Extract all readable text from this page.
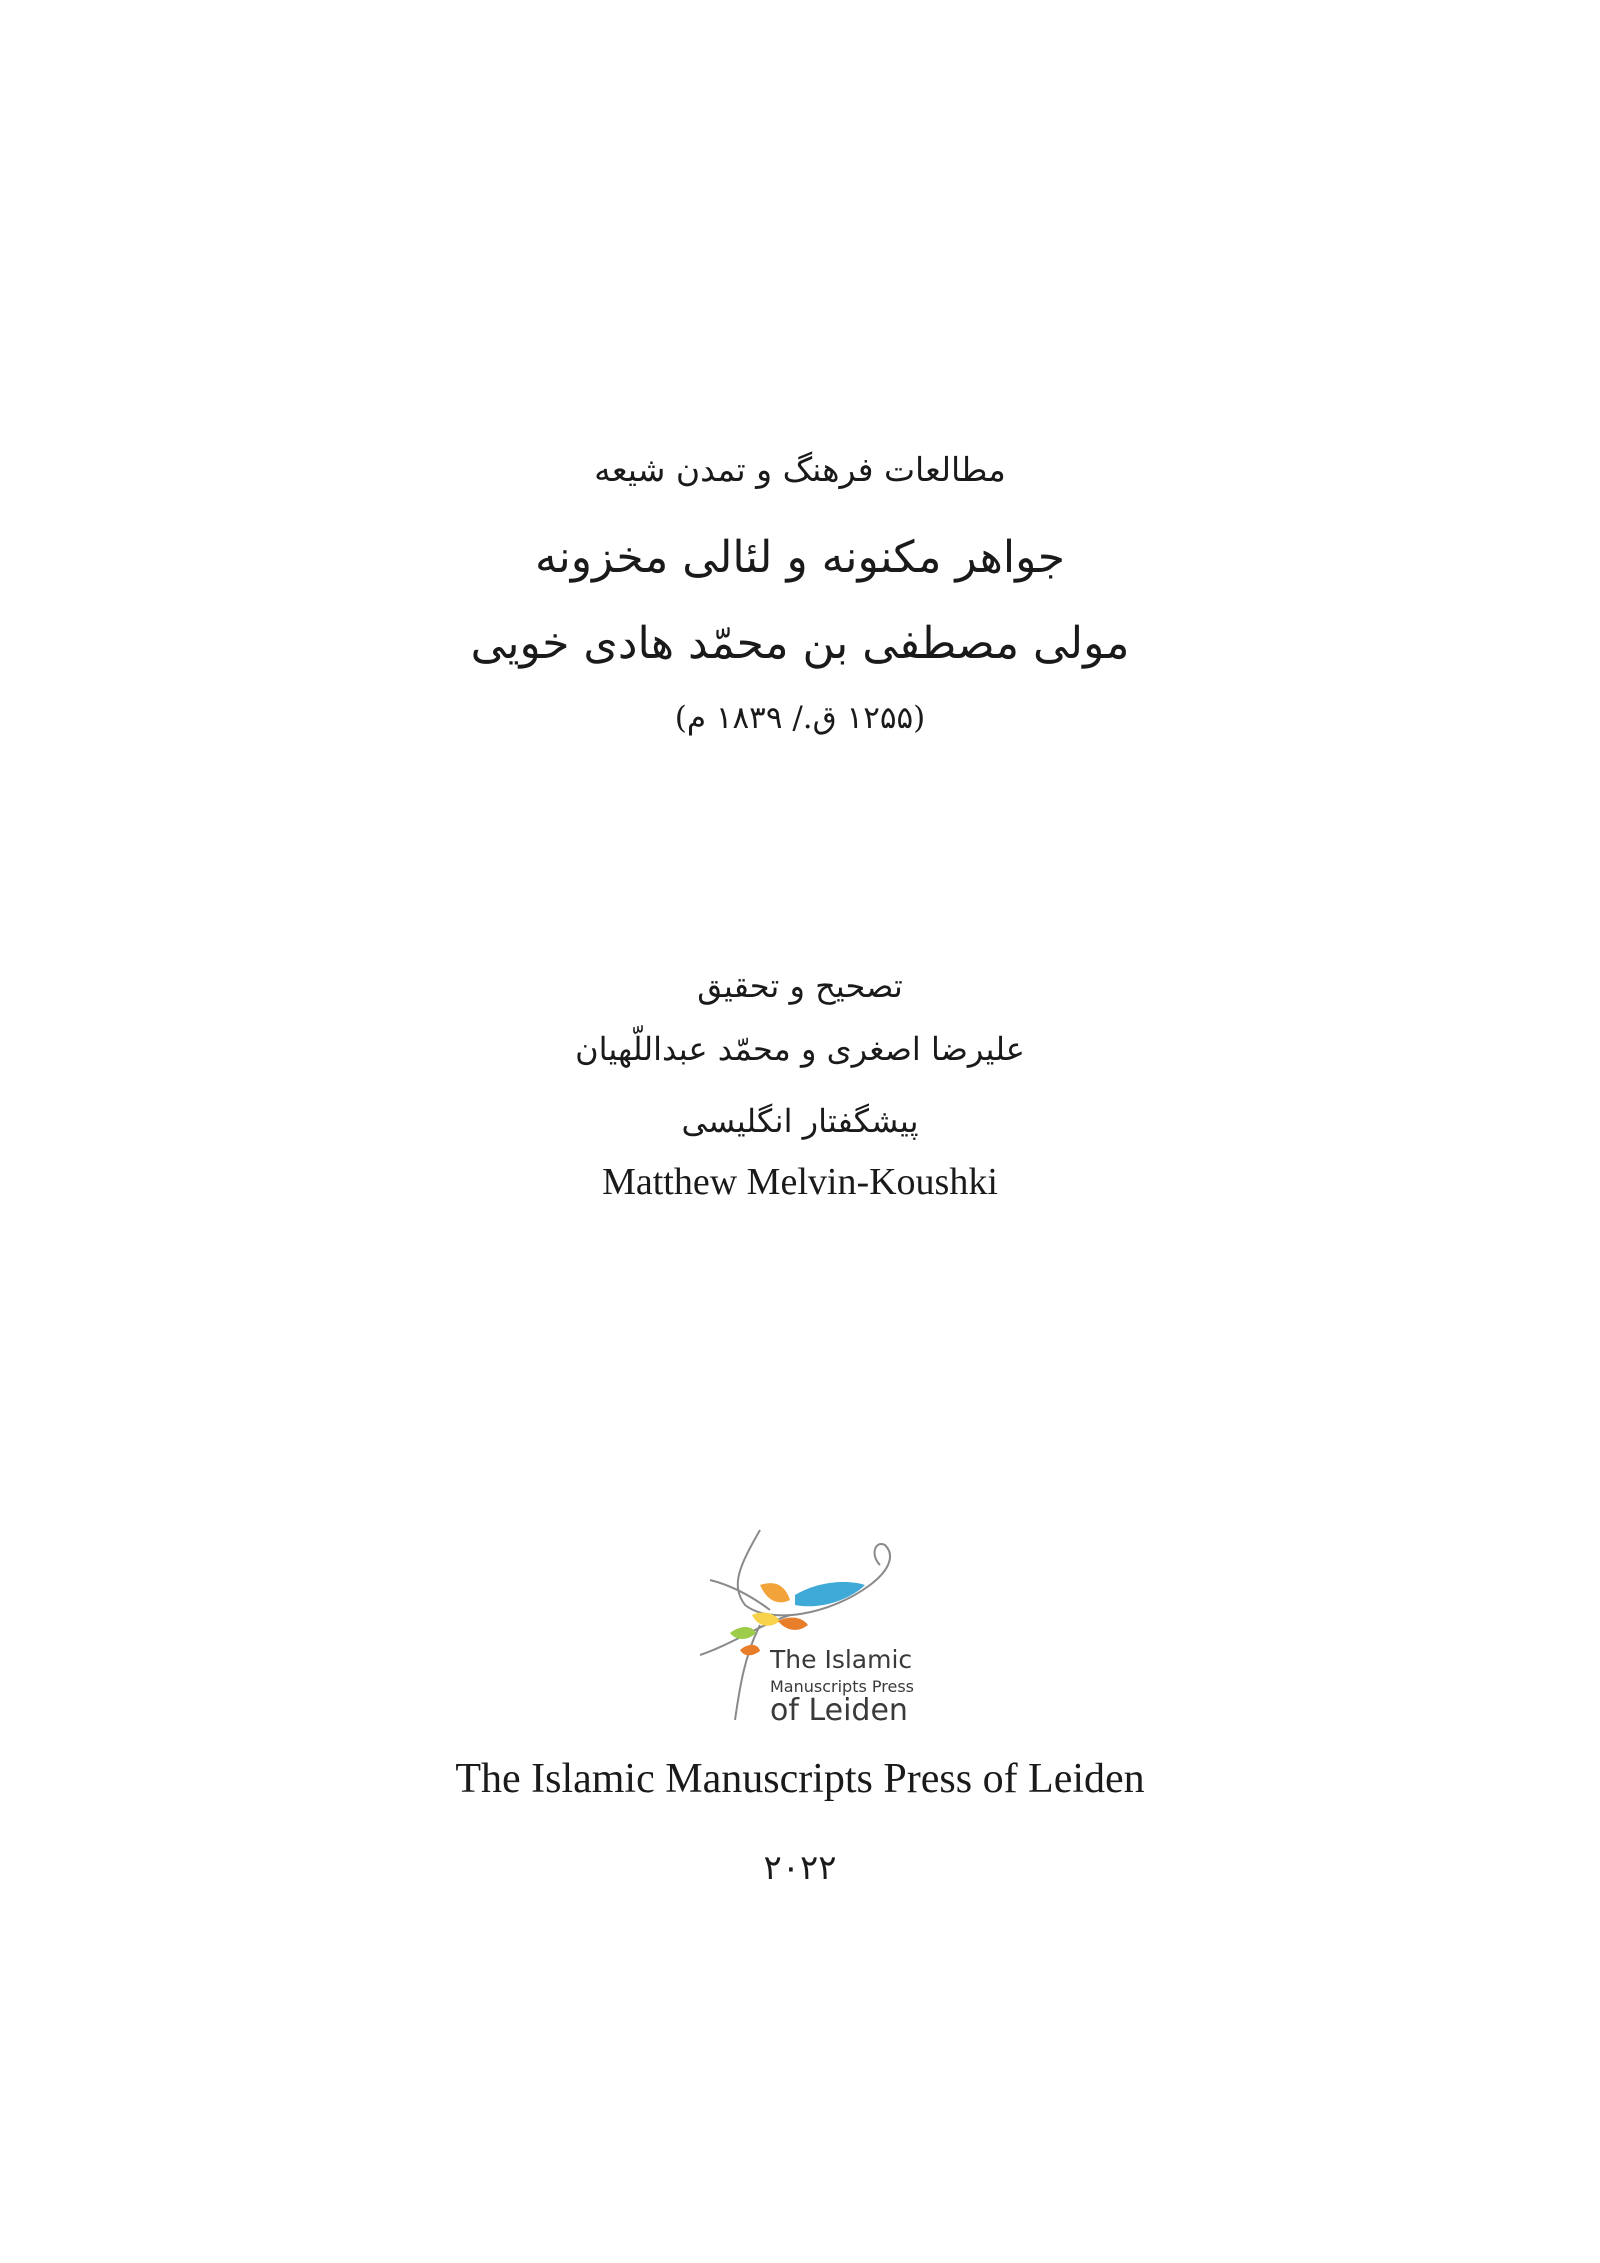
مطالعات فرهنگ و تمدن شیعه
جواهر مکنونه و لئالی مخزونه
مولی مصطفی بن محمّد هادی خویی
(۱۲۵۵ ق./ ۱۸۳۹ م)
تصحیح و تحقیق
علیرضا اصغری و محمّد عبداللّهیان
پیشگفتار انگلیسی
Matthew Melvin-Koushki
The Islamic
Manuscripts Press
of Leiden
The Islamic Manuscripts Press of Leiden
۲۰۲۲
